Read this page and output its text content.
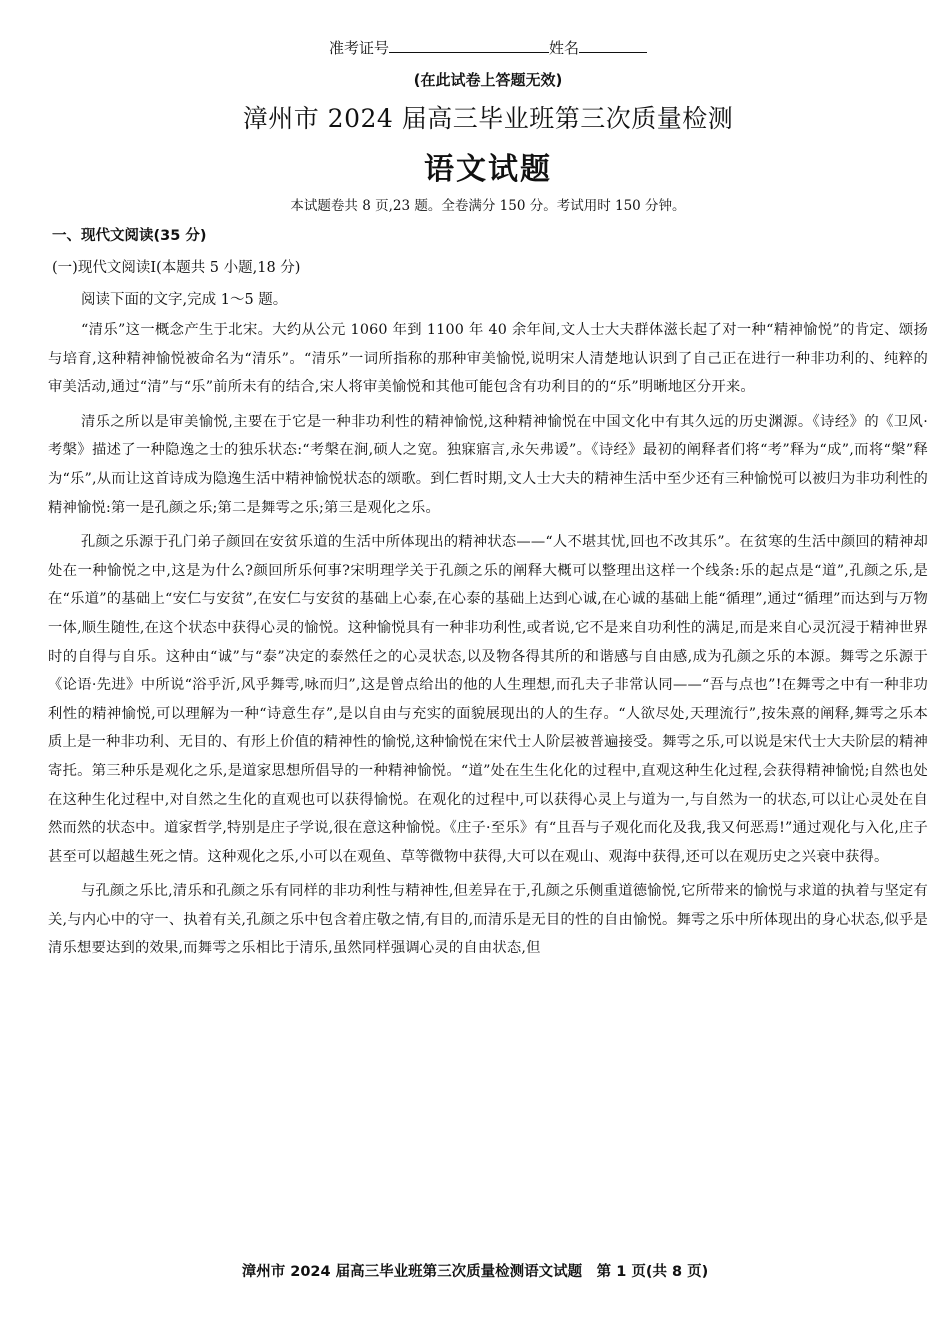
准考证号	姓名
(在此试卷上答题无效)
漳州市 2024 届高三毕业班第三次质量检测
语文试题
本试题卷共 8 页,23 题。全卷满分 150 分。考试用时 150 分钟。
一、现代文阅读(35 分)
(一)现代文阅读Ⅰ(本题共 5 小题,18 分)
阅读下面的文字,完成 1～5 题。

“清乐”这一概念产生于北宋。大约从公元 1060 年到 1100 年 40 余年间,文人士大夫群体滋长起了对一种“精神愉悦”的肯定、颂扬与培育,这种精神愉悦被命名为“清乐”。“清乐”一词所指称的那种审美愉悦,说明宋人清楚地认识到了自己正在进行一种非功利的、纯粹的审美活动,通过“清”与“乐”前所未有的结合,宋人将审美愉悦和其他可能包含有功利目的的“乐”明晰地区分开来。

清乐之所以是审美愉悦,主要在于它是一种非功利性的精神愉悦,这种精神愉悦在中国文化中有其久远的历史渊源。《诗经》的《卫风·考槃》描述了一种隐逸之士的独乐状态:“考槃在涧,硕人之宽。独寐寤言,永矢弗谖”。《诗经》最初的阐释者们将“考”释为“成”,而将“槃”释为“乐”,从而让这首诗成为隐逸生活中精神愉悦状态的颂歌。到仁哲时期,文人士大夫的精神生活中至少还有三种愉悦可以被归为非功利性的精神愉悦:第一是孔颜之乐;第二是舞雩之乐;第三是观化之乐。

孔颜之乐源于孔门弟子颜回在安贫乐道的生活中所体现出的精神状态——“人不堪其忧,回也不改其乐”。在贫寒的生活中颜回的精神却处在一种愉悦之中,这是为什么?颜回所乐何事?宋明理学关于孔颜之乐的阐释大概可以整理出这样一个线条:乐的起点是“道”,孔颜之乐,是在“乐道”的基础上“安仁与安贫”,在安仁与安贫的基础上心泰,在心泰的基础上达到心诚,在心诚的基础上能“循理”,通过“循理”而达到与万物一体,顺生随性,在这个状态中获得心灵的愉悦。这种愉悦具有一种非功利性,或者说,它不是来自功利性的满足,而是来自心灵沉浸于精神世界时的自得与自乐。这种由“诚”与“泰”决定的泰然任之的心灵状态,以及物各得其所的和谐感与自由感,成为孔颜之乐的本源。舞雩之乐源于《论语·先进》中所说“浴乎沂,风乎舞雩,咏而归”,这是曾点给出的他的人生理想,而孔夫子非常认同——“吾与点也”!在舞雩之中有一种非功利性的精神愉悦,可以理解为一种“诗意生存”,是以自由与充实的面貌展现出的人的生存。“人欲尽处,天理流行”,按朱熹的阐释,舞雩之乐本质上是一种非功利、无目的、有形上价值的精神性的愉悦,这种愉悦在宋代士人阶层被普遍接受。舞雩之乐,可以说是宋代士大夫阶层的精神寄托。第三种乐是观化之乐,是道家思想所倡导的一种精神愉悦。“道”处在生生化化的过程中,直观这种生化过程,会获得精神愉悦;自然也处在这种生化过程中,对自然之生化的直观也可以获得愉悦。在观化的过程中,可以获得心灵上与道为一,与自然为一的状态,可以让心灵处在自然而然的状态中。道家哲学,特别是庄子学说,很在意这种愉悦。《庄子·至乐》有“且吾与子观化而化及我,我又何恶焉!”通过观化与入化,庄子甚至可以超越生死之情。这种观化之乐,小可以在观鱼、草等微物中获得,大可以在观山、观海中获得,还可以在观历史之兴衰中获得。

与孔颜之乐比,清乐和孔颜之乐有同样的非功利性与精神性,但差异在于,孔颜之乐侧重道德愉悦,它所带来的愉悦与求道的执着与坚定有关,与内心中的守一、执着有关,孔颜之乐中包含着庄敬之情,有目的,而清乐是无目的性的自由愉悦。舞雩之乐中所体现出的身心状态,似乎是清乐想要达到的效果,而舞雩之乐相比于清乐,虽然同样强调心灵的自由状态,但

漳州市 2024 届高三毕业班第三次质量检测语文试题　第 1 页(共 8 页)
